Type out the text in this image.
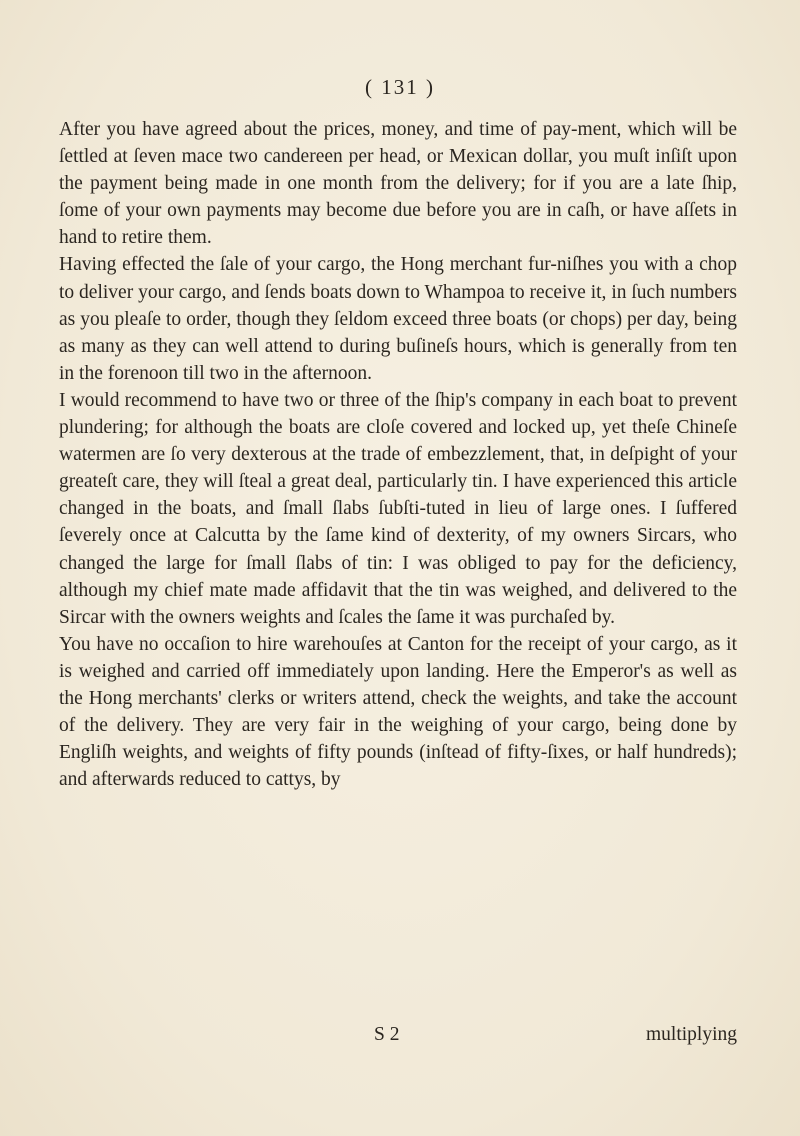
( 131 )

After you have agreed about the prices, money, and time of pay-ment, which will be ſettled at ſeven mace two candereen per head, or Mexican dollar, you muſt inſiſt upon the payment being made in one month from the delivery; for if you are a late ſhip, ſome of your own payments may become due before you are in caſh, or have aſſets in hand to retire them.

Having effected the ſale of your cargo, the Hong merchant fur-niſhes you with a chop to deliver your cargo, and ſends boats down to Whampoa to receive it, in ſuch numbers as you pleaſe to order, though they ſeldom exceed three boats (or chops) per day, being as many as they can well attend to during buſineſs hours, which is generally from ten in the forenoon till two in the afternoon.

I would recommend to have two or three of the ſhip's company in each boat to prevent plundering; for although the boats are cloſe covered and locked up, yet theſe Chineſe watermen are ſo very dexterous at the trade of embezzlement, that, in deſpight of your greateſt care, they will ſteal a great deal, particularly tin. I have experienced this article changed in the boats, and ſmall ſlabs ſubſti-tuted in lieu of large ones. I ſuffered ſeverely once at Calcutta by the ſame kind of dexterity, of my owners Sircars, who changed the large for ſmall ſlabs of tin: I was obliged to pay for the deficiency, although my chief mate made affidavit that the tin was weighed, and delivered to the Sircar with the owners weights and ſcales the ſame it was purchaſed by.

You have no occaſion to hire warehouſes at Canton for the receipt of your cargo, as it is weighed and carried off immediately upon landing. Here the Emperor's as well as the Hong merchants' clerks or writers attend, check the weights, and take the account of the delivery. They are very fair in the weighing of your cargo, being done by Engliſh weights, and weights of fifty pounds (inſtead of fifty-ſixes, or half hundreds); and afterwards reduced to cattys, by

S 2	multiplying
